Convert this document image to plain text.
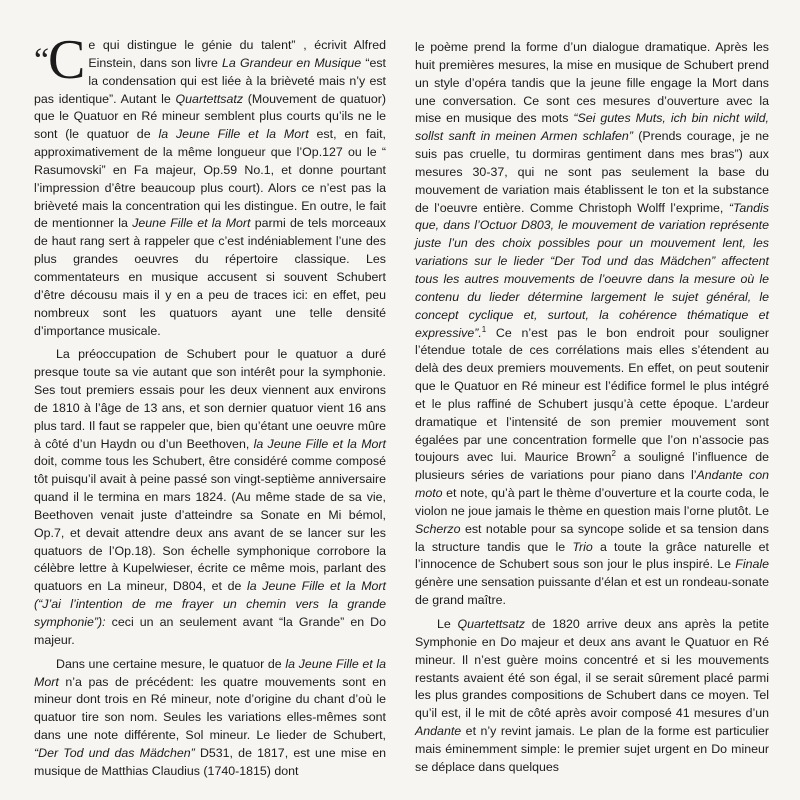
“
C e qui distingue le génie du talent” , écrivit Alfred Einstein, dans son livre La Grandeur en Musique “est la condensation qui est liée à la brièveté mais n’y est pas identique”. Autant le Quartettsatz (Mouvement de quatuor) que le Quatuor en Ré mineur semblent plus courts qu’ils ne le sont (le quatuor de la Jeune Fille et la Mort est, en fait, approximativement de la même longueur que l’Op.127 ou le “ Rasumovski” en Fa majeur, Op.59 No.1, et donne pourtant l’impression d’être beaucoup plus court). Alors ce n’est pas la brièveté mais la concentration qui les distingue. En outre, le fait de mentionner la Jeune Fille et la Mort parmi de tels morceaux de haut rang sert à rappeler que c’est indéniablement l’une des plus grandes oeuvres du répertoire classique. Les commentateurs en musique accusent si souvent Schubert d’être décousu mais il y en a peu de traces ici: en effet, peu nombreux sont les quatuors ayant une telle densité d’importance musicale.

La préoccupation de Schubert pour le quatuor a duré presque toute sa vie autant que son intérêt pour la symphonie. Ses tout premiers essais pour les deux viennent aux environs de 1810 à l’âge de 13 ans, et son dernier quatuor vient 16 ans plus tard. Il faut se rappeler que, bien qu’étant une oeuvre mûre à côté d’un Haydn ou d’un Beethoven, la Jeune Fille et la Mort doit, comme tous les Schubert, être considéré comme composé tôt puisqu’il avait à peine passé son vingt-septième anniversaire quand il le termina en mars 1824. (Au même stade de sa vie, Beethoven venait juste d’atteindre sa Sonate en Mi bémol, Op.7, et devait attendre deux ans avant de se lancer sur les quatuors de l’Op.18). Son échelle symphonique corrobore la célèbre lettre à Kupelwieser, écrite ce même mois, parlant des quatuors en La mineur, D804, et de la Jeune Fille et la Mort (“J’ai l’intention de me frayer un chemin vers la grande symphonie”): ceci un an seulement avant “la Grande” en Do majeur.

Dans une certaine mesure, le quatuor de la Jeune Fille et la Mort n’a pas de précédent: les quatre mouvements sont en mineur dont trois en Ré mineur, note d’origine du chant d’où le quatuor tire son nom. Seules les variations elles-mêmes sont dans une note différente, Sol mineur. Le lieder de Schubert, “Der Tod und das Mädchen” D531, de 1817, est une mise en musique de Matthias Claudius (1740-1815) dont

le poème prend la forme d’un dialogue dramatique. Après les huit premières mesures, la mise en musique de Schubert prend un style d’opéra tandis que la jeune fille engage la Mort dans une conversation. Ce sont ces mesures d’ouverture avec la mise en musique des mots “Sei gutes Muts, ich bin nicht wild, sollst sanft in meinen Armen schlafen” (Prends courage, je ne suis pas cruelle, tu dormiras gentiment dans mes bras”) aux mesures 30-37, qui ne sont pas seulement la base du mouvement de variation mais établissent le ton et la substance de l’oeuvre entière. Comme Christoph Wolff l’exprime, “Tandis que, dans l’Octuor D803, le mouvement de variation représente juste l’un des choix possibles pour un mouvement lent, les variations sur le lieder “Der Tod und das Mädchen” affectent tous les autres mouvements de l’oeuvre dans la mesure où le contenu du lieder détermine largement le sujet général, le concept cyclique et, surtout, la cohérence thématique et expressive”.$^1$ Ce n’est pas le bon endroit pour souligner l’étendue totale de ces corrélations mais elles s’étendent au delà des deux premiers mouvements. En effet, on peut soutenir que le Quatuor en Ré mineur est l’édifice formel le plus intégré et le plus raffiné de Schubert jusqu’à cette époque. L’ardeur dramatique et l’intensité de son premier mouvement sont égalées par une concentration formelle que l’on n’associe pas toujours avec lui. Maurice Brown$^2$ a souligné l’influence de plusieurs séries de variations pour piano dans l’Andante con moto et note, qu’à part le thème d’ouverture et la courte coda, le violon ne joue jamais le thème en question mais l’orne plutôt. Le Scherzo est notable pour sa syncope solide et sa tension dans la structure tandis que le Trio a toute la grâce naturelle et l’innocence de Schubert sous son jour le plus inspiré. Le Finale génère une sensation puissante d’élan et est un rondeau-sonate de grand maître.

Le Quartettsatz de 1820 arrive deux ans après la petite Symphonie en Do majeur et deux ans avant le Quatuor en Ré mineur. Il n’est guère moins concentré et si les mouvements restants avaient été son égal, il se serait sûrement placé parmi les plus grandes compositions de Schubert dans ce moyen. Tel qu’il est, il le mit de côté après avoir composé 41 mesures d’un Andante et n’y revint jamais. Le plan de la forme est particulier mais éminemment simple: le premier sujet urgent en Do mineur se déplace dans quelques
